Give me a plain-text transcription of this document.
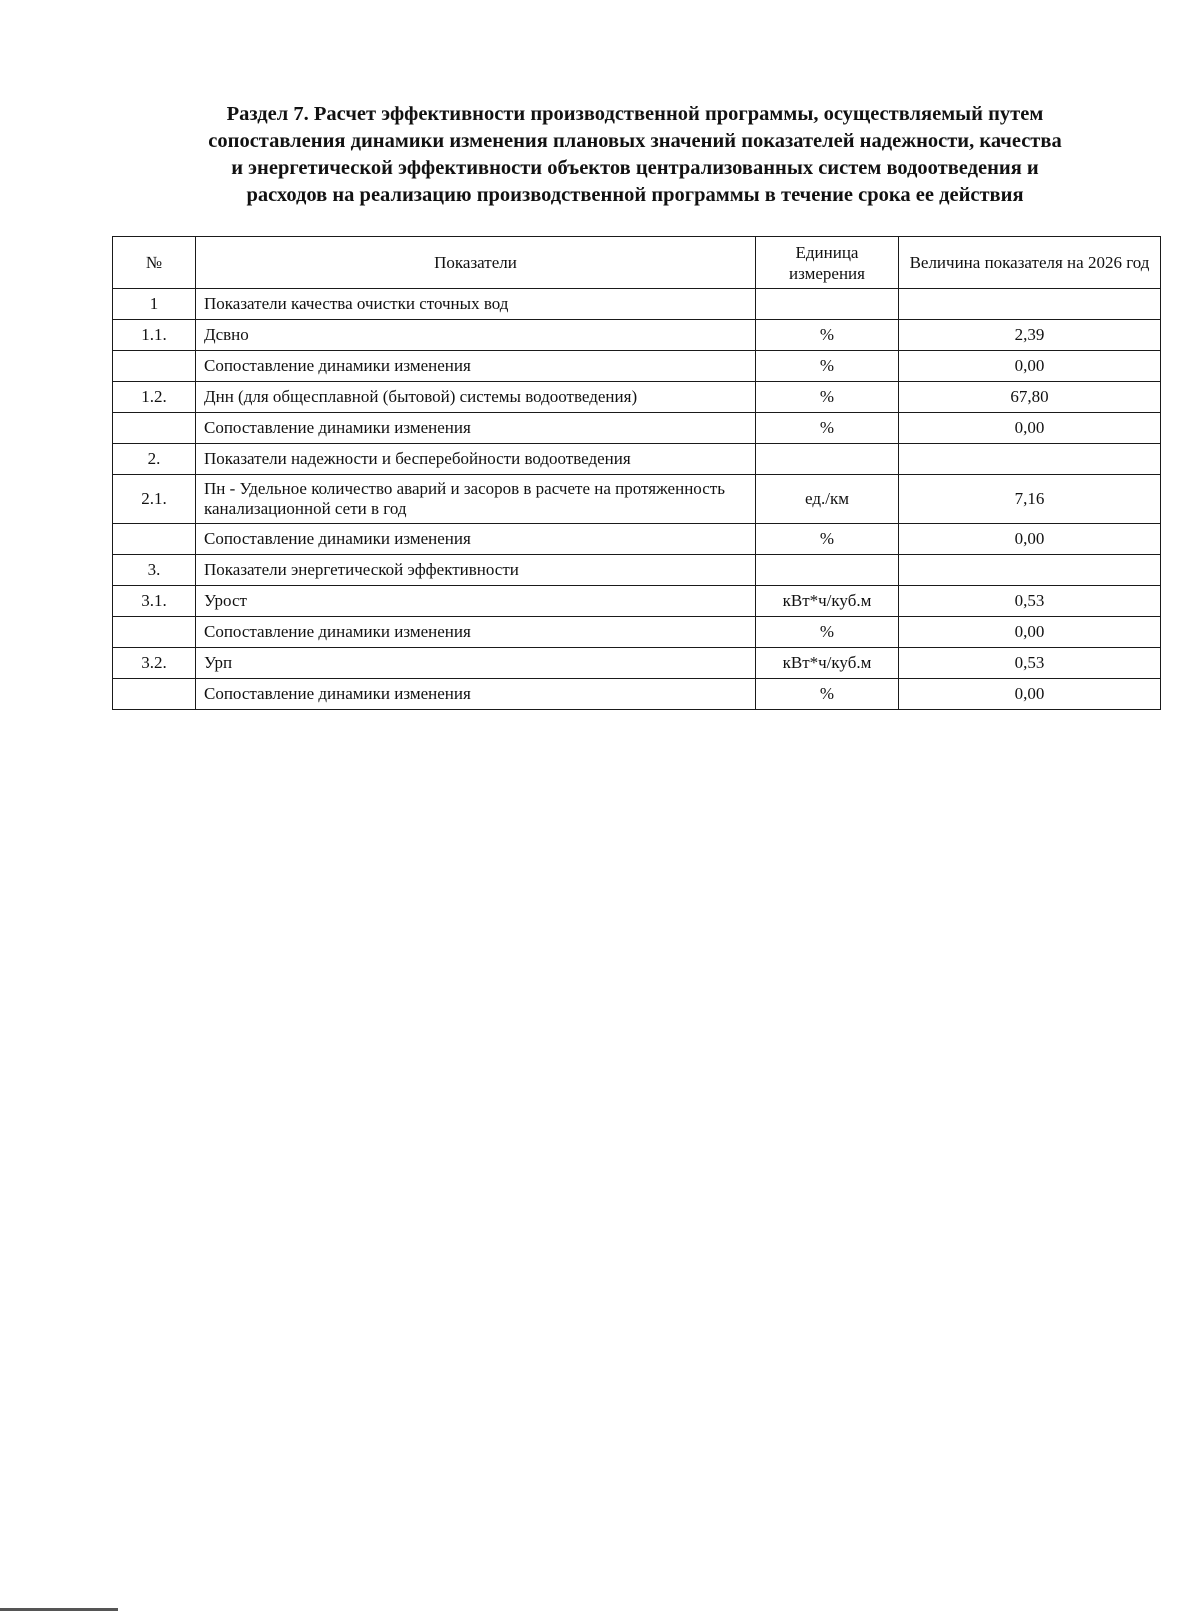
Раздел 7. Расчет эффективности производственной программы, осуществляемый путем
сопоставления динамики изменения плановых значений показателей надежности, качества
и энергетической эффективности объектов централизованных систем водоотведения и
расходов на реализацию производственной программы в течение срока ее действия
№	Показатели	Единица измерения	Величина показателя на 2026 год
1	Показатели качества очистки сточных вод		
1.1.	Дсвно	%	2,39
	Сопоставление динамики изменения	%	0,00
1.2.	Днн (для общесплавной (бытовой) системы водоотведения)	%	67,80
	Сопоставление динамики изменения	%	0,00
2.	Показатели надежности и бесперебойности водоотведения		
2.1.	Пн - Удельное количество аварий и засоров в расчете на протяженность канализационной сети в год	ед./км	7,16
	Сопоставление динамики изменения	%	0,00
3.	Показатели энергетической эффективности		
3.1.	Урост	кВт*ч/куб.м	0,53
	Сопоставление динамики изменения	%	0,00
3.2.	Урп	кВт*ч/куб.м	0,53
	Сопоставление динамики изменения	%	0,00
